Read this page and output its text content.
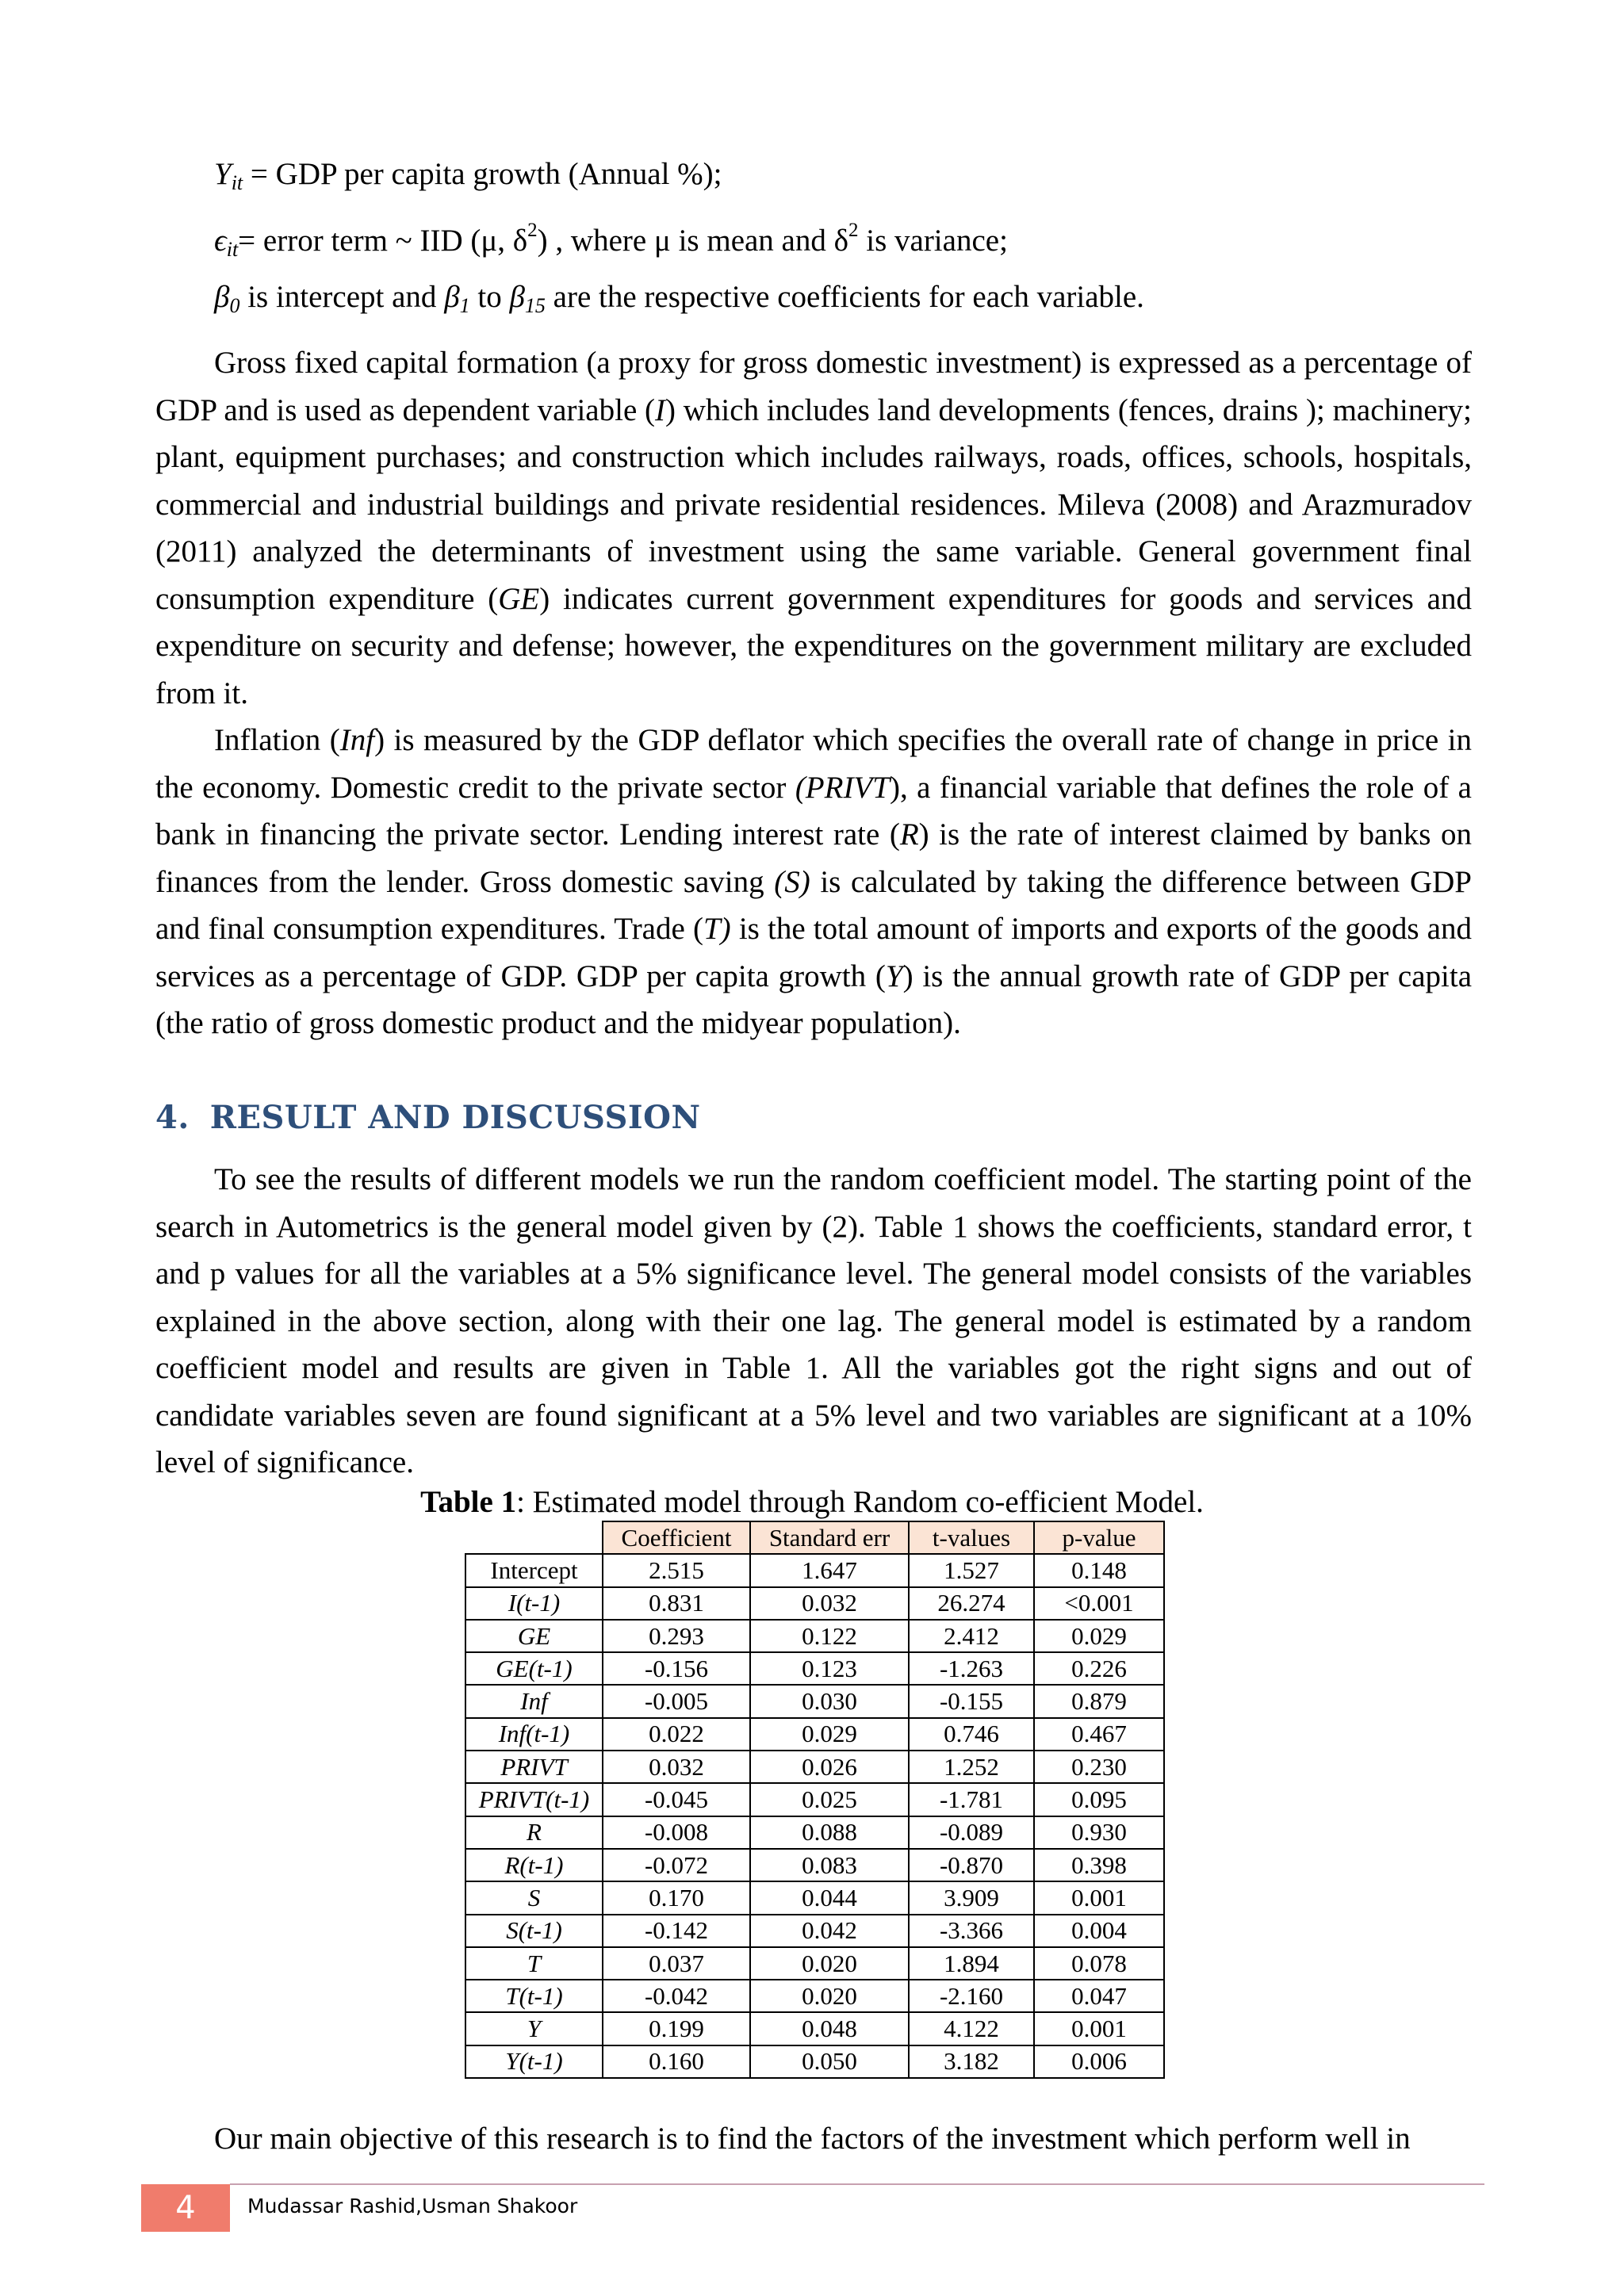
$Y_{it}$ = GDP per capita growth (Annual %);
$\epsilon_{it}=$ error term ~ IID (μ, $\delta^2$) , where μ is mean and $\delta^2$ is variance;
$\beta_0$ is intercept and $\beta_1$ to $\beta_{15}$ are the respective coefficients for each variable.

Gross fixed capital formation (a proxy for gross domestic investment) is expressed as a percentage of GDP and is used as dependent variable (I) which includes land developments (fences, drains ); machinery; plant, equipment purchases; and construction which includes railways, roads, offices, schools, hospitals, commercial and industrial buildings and private residential residences. Mileva (2008) and Arazmuradov (2011) analyzed the determinants of investment using the same variable. General government final consumption expenditure (GE) indicates current government expenditures for goods and services and expenditure on security and defense; however, the expenditures on the government military are excluded from it.

Inflation (Inf) is measured by the GDP deflator which specifies the overall rate of change in price in the economy. Domestic credit to the private sector (PRIVT), a financial variable that defines the role of a bank in financing the private sector. Lending interest rate (R) is the rate of interest claimed by banks on finances from the lender. Gross domestic saving (S) is calculated by taking the difference between GDP and final consumption expenditures. Trade (T) is the total amount of imports and exports of the goods and services as a percentage of GDP. GDP per capita growth (Y) is the annual growth rate of GDP per capita (the ratio of gross domestic product and the midyear population).

4. RESULT AND DISCUSSION

To see the results of different models we run the random coefficient model. The starting point of the search in Autometrics is the general model given by (2). Table 1 shows the coefficients, standard error, t and p values for all the variables at a 5% significance level. The general model consists of the variables explained in the above section, along with their one lag. The general model is estimated by a random coefficient model and results are given in Table 1. All the variables got the right signs and out of candidate variables seven are found significant at a 5% level and two variables are significant at a 10% level of significance.

Table 1: Estimated model through Random co-efficient Model.
	Coefficient	Standard err	t-values	p-value
Intercept	2.515	1.647	1.527	0.148
I(t-1)	0.831	0.032	26.274	<0.001
GE	0.293	0.122	2.412	0.029
GE(t-1)	-0.156	0.123	-1.263	0.226
Inf	-0.005	0.030	-0.155	0.879
Inf(t-1)	0.022	0.029	0.746	0.467
PRIVT	0.032	0.026	1.252	0.230
PRIVT(t-1)	-0.045	0.025	-1.781	0.095
R	-0.008	0.088	-0.089	0.930
R(t-1)	-0.072	0.083	-0.870	0.398
S	0.170	0.044	3.909	0.001
S(t-1)	-0.142	0.042	-3.366	0.004
T	0.037	0.020	1.894	0.078
T(t-1)	-0.042	0.020	-2.160	0.047
Y	0.199	0.048	4.122	0.001
Y(t-1)	0.160	0.050	3.182	0.006

Our main objective of this research is to find the factors of the investment which perform well in

4	Mudassar Rashid,Usman Shakoor
